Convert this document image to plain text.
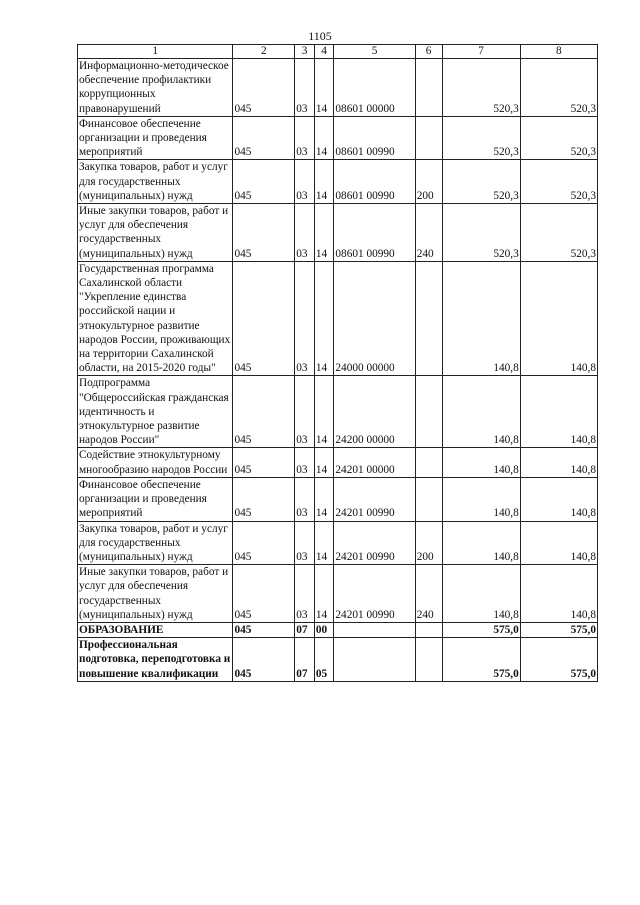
1105
1	2	3	4	5	6	7	8
Информационно-методическое обеспечение профилактики коррупционных правонарушений	045	03	14	08601 00000		520,3	520,3
Финансовое обеспечение организации и проведения мероприятий	045	03	14	08601 00990		520,3	520,3
Закупка товаров, работ и услуг для государственных (муниципальных) нужд	045	03	14	08601 00990	200	520,3	520,3
Иные закупки товаров, работ и услуг для обеспечения государственных (муниципальных) нужд	045	03	14	08601 00990	240	520,3	520,3
Государственная программа Сахалинской области "Укрепление единства российской нации и этнокультурное развитие народов России, проживающих на территории Сахалинской области, на 2015-2020 годы"	045	03	14	24000 00000		140,8	140,8
Подпрограмма "Общероссийская гражданская идентичность и этнокультурное развитие народов России"	045	03	14	24200 00000		140,8	140,8
Содействие этнокультурному многообразию народов России	045	03	14	24201 00000		140,8	140,8
Финансовое обеспечение организации и проведения мероприятий	045	03	14	24201 00990		140,8	140,8
Закупка товаров, работ и услуг для государственных (муниципальных) нужд	045	03	14	24201 00990	200	140,8	140,8
Иные закупки товаров, работ и услуг для обеспечения государственных (муниципальных) нужд	045	03	14	24201 00990	240	140,8	140,8
ОБРАЗОВАНИЕ	045	07	00			575,0	575,0
Профессиональная подготовка, переподготовка и повышение квалификации	045	07	05			575,0	575,0
